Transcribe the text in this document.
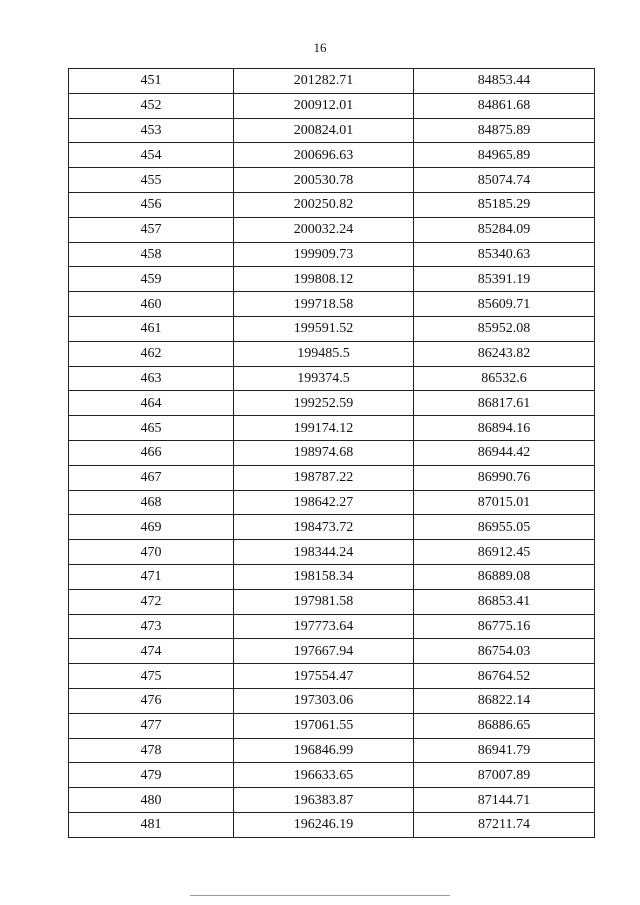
16
451	201282.71	84853.44
452	200912.01	84861.68
453	200824.01	84875.89
454	200696.63	84965.89
455	200530.78	85074.74
456	200250.82	85185.29
457	200032.24	85284.09
458	199909.73	85340.63
459	199808.12	85391.19
460	199718.58	85609.71
461	199591.52	85952.08
462	199485.5	86243.82
463	199374.5	86532.6
464	199252.59	86817.61
465	199174.12	86894.16
466	198974.68	86944.42
467	198787.22	86990.76
468	198642.27	87015.01
469	198473.72	86955.05
470	198344.24	86912.45
471	198158.34	86889.08
472	197981.58	86853.41
473	197773.64	86775.16
474	197667.94	86754.03
475	197554.47	86764.52
476	197303.06	86822.14
477	197061.55	86886.65
478	196846.99	86941.79
479	196633.65	87007.89
480	196383.87	87144.71
481	196246.19	87211.74
